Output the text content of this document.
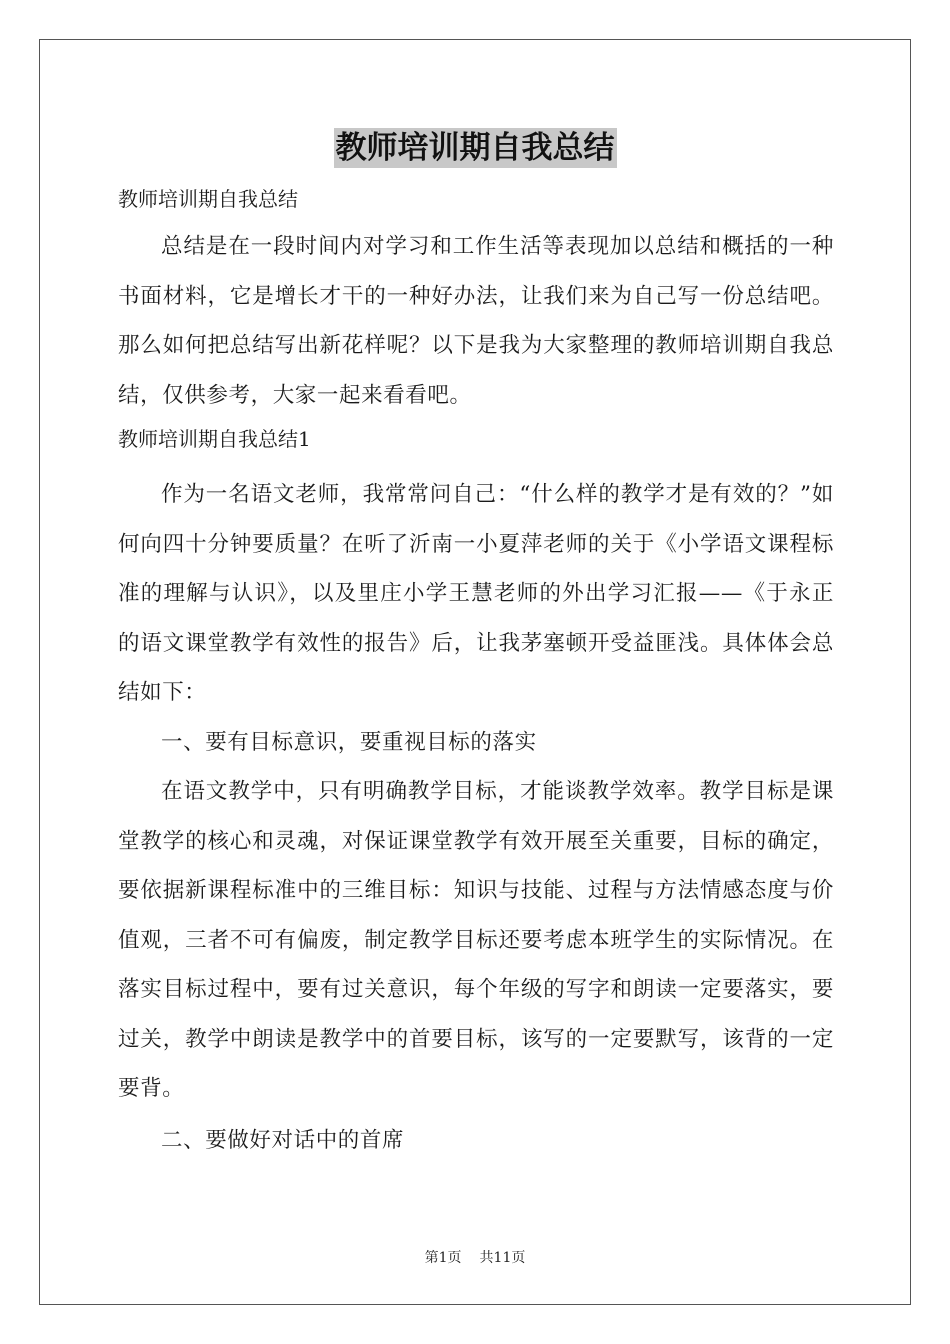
教师培训期自我总结

教师培训期自我总结

总结是在一段时间内对学习和工作生活等表现加以总结和概括的一种书面材料，它是增长才干的一种好办法，让我们来为自己写一份总结吧。那么如何把总结写出新花样呢？以下是我为大家整理的教师培训期自我总结，仅供参考，大家一起来看看吧。

教师培训期自我总结1

作为一名语文老师，我常常问自己：“什么样的教学才是有效的？”如何向四十分钟要质量？在听了沂南一小夏萍老师的关于《小学语文课程标准的理解与认识》，以及里庄小学王慧老师的外出学习汇报——《于永正的语文课堂教学有效性的报告》后，让我茅塞顿开受益匪浅。具体体会总结如下：

一、要有目标意识，要重视目标的落实

在语文教学中，只有明确教学目标，才能谈教学效率。教学目标是课堂教学的核心和灵魂，对保证课堂教学有效开展至关重要，目标的确定，要依据新课程标准中的三维目标：知识与技能、过程与方法情感态度与价值观，三者不可有偏废，制定教学目标还要考虑本班学生的实际情况。在落实目标过程中，要有过关意识，每个年级的写字和朗读一定要落实，要过关，教学中朗读是教学中的首要目标，该写的一定要默写，该背的一定要背。

二、要做好对话中的首席

第1页 共11页
